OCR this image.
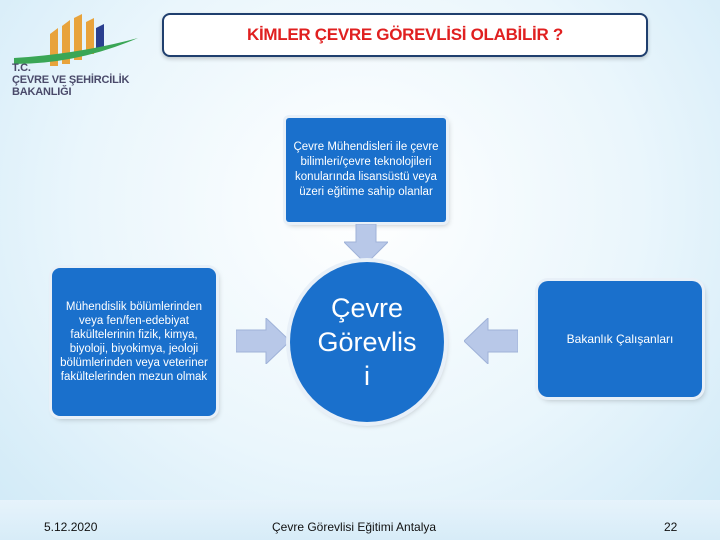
T.C.
ÇEVRE VE ŞEHİRCİLİK
BAKANLIĞI
KİMLER ÇEVRE GÖREVLİSİ OLABİLİR ?
Çevre Mühendisleri ile çevre bilimleri/çevre teknolojileri konularında lisansüstü veya üzeri eğitime sahip olanlar
Mühendislik bölümlerinden veya fen/fen-edebiyat fakültelerinin fizik, kimya, biyoloji, biyokimya, jeoloji bölümlerinden veya veteriner fakültelerinden mezun olmak
Çevre
Görevlis
i
Bakanlık Çalışanları
5.12.2020	Çevre Görevlisi Eğitimi Antalya	22
